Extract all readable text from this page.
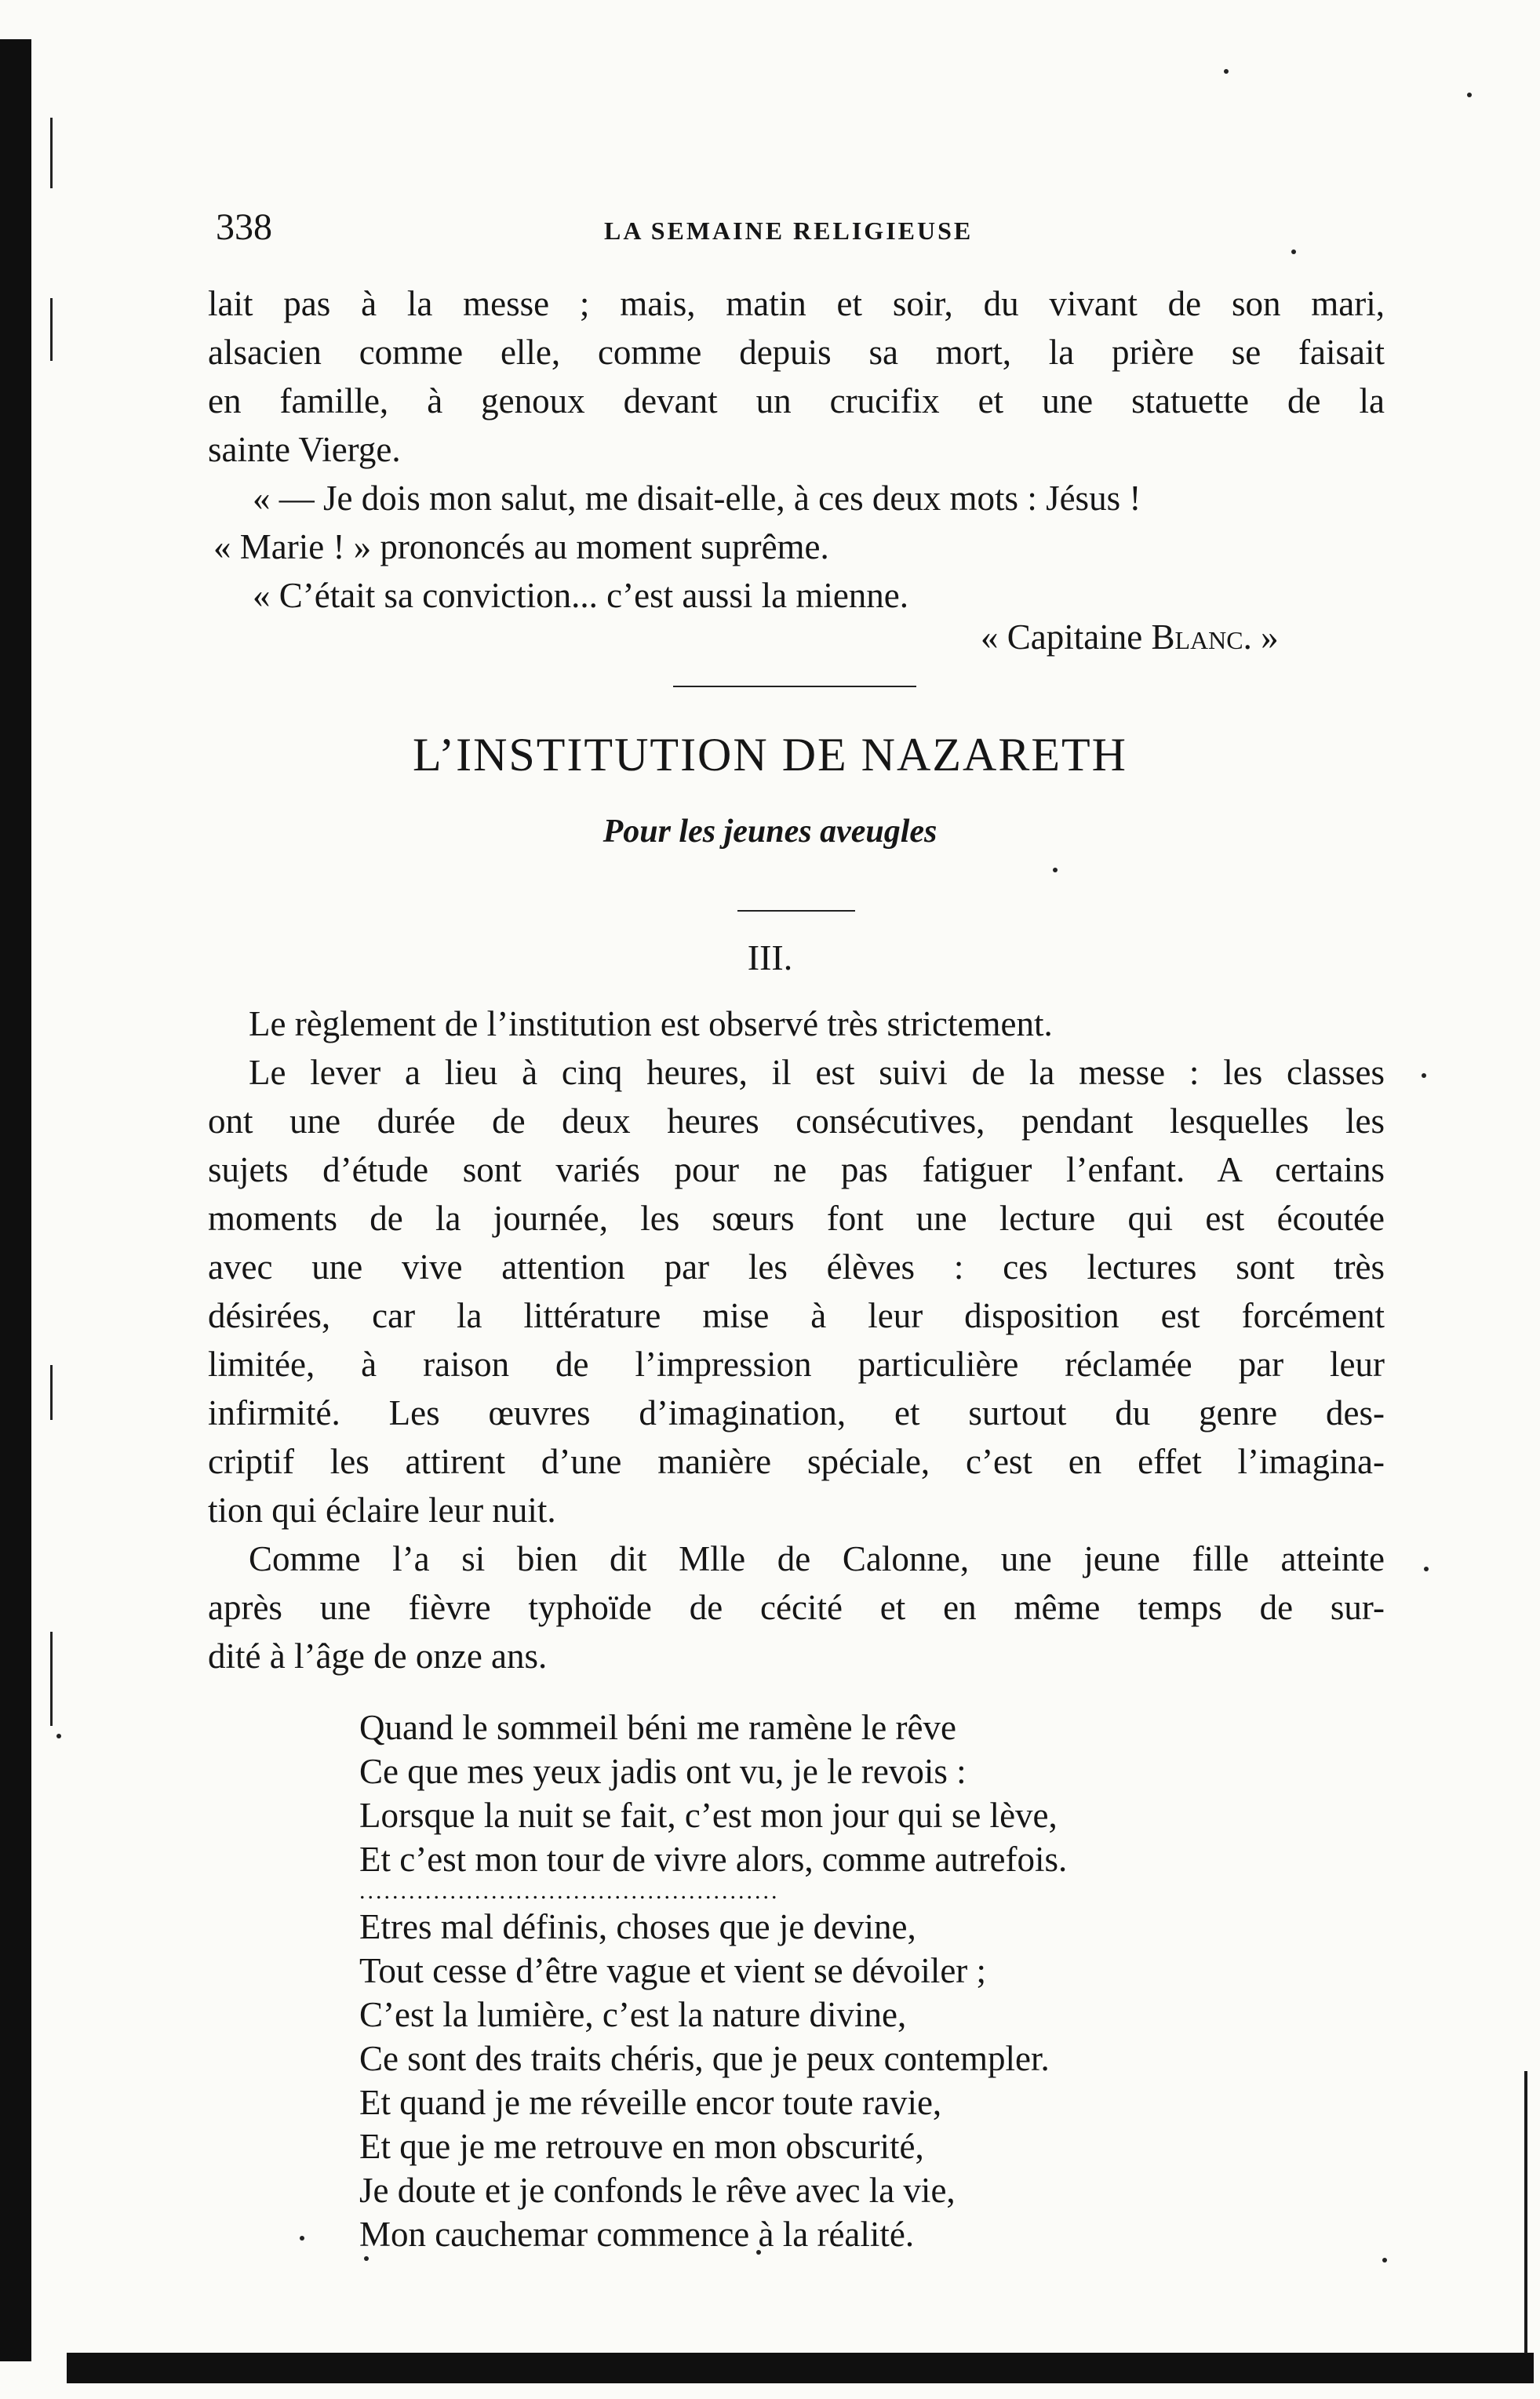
338	LA SEMAINE RELIGIEUSE
lait pas à la messe ; mais, matin et soir, du vivant de son mari,
alsacien comme elle, comme depuis sa mort, la prière se faisait
en famille, à genoux devant un crucifix et une statuette de la
sainte Vierge.
« — Je dois mon salut, me disait-elle, à ces deux mots : Jésus !
« Marie ! » prononcés au moment suprême.
« C’était sa conviction... c’est aussi la mienne.
« Capitaine Blanc. »
L’INSTITUTION DE NAZARETH
Pour les jeunes aveugles
III.
Le règlement de l’institution est observé très strictement.
Le lever a lieu à cinq heures, il est suivi de la messe : les classes
ont une durée de deux heures consécutives, pendant lesquelles les
sujets d’étude sont variés pour ne pas fatiguer l’enfant. A certains
moments de la journée, les sœurs font une lecture qui est écoutée
avec une vive attention par les élèves : ces lectures sont très
désirées, car la littérature mise à leur disposition est forcément
limitée, à raison de l’impression particulière réclamée par leur
infirmité. Les œuvres d’imagination, et surtout du genre des-
criptif les attirent d’une manière spéciale, c’est en effet l’imagina-
tion qui éclaire leur nuit.
Comme l’a si bien dit Mlle de Calonne, une jeune fille atteinte
après une fièvre typhoïde de cécité et en même temps de sur-
dité à l’âge de onze ans.
Quand le sommeil béni me ramène le rêve
Ce que mes yeux jadis ont vu, je le revois :
Lorsque la nuit se fait, c’est mon jour qui se lève,
Et c’est mon tour de vivre alors, comme autrefois.
...................................................
Etres mal définis, choses que je devine,
Tout cesse d’être vague et vient se dévoiler ;
C’est la lumière, c’est la nature divine,
Ce sont des traits chéris, que je peux contempler.
Et quand je me réveille encor toute ravie,
Et que je me retrouve en mon obscurité,
Je doute et je confonds le rêve avec la vie,
Mon cauchemar commence à la réalité.
